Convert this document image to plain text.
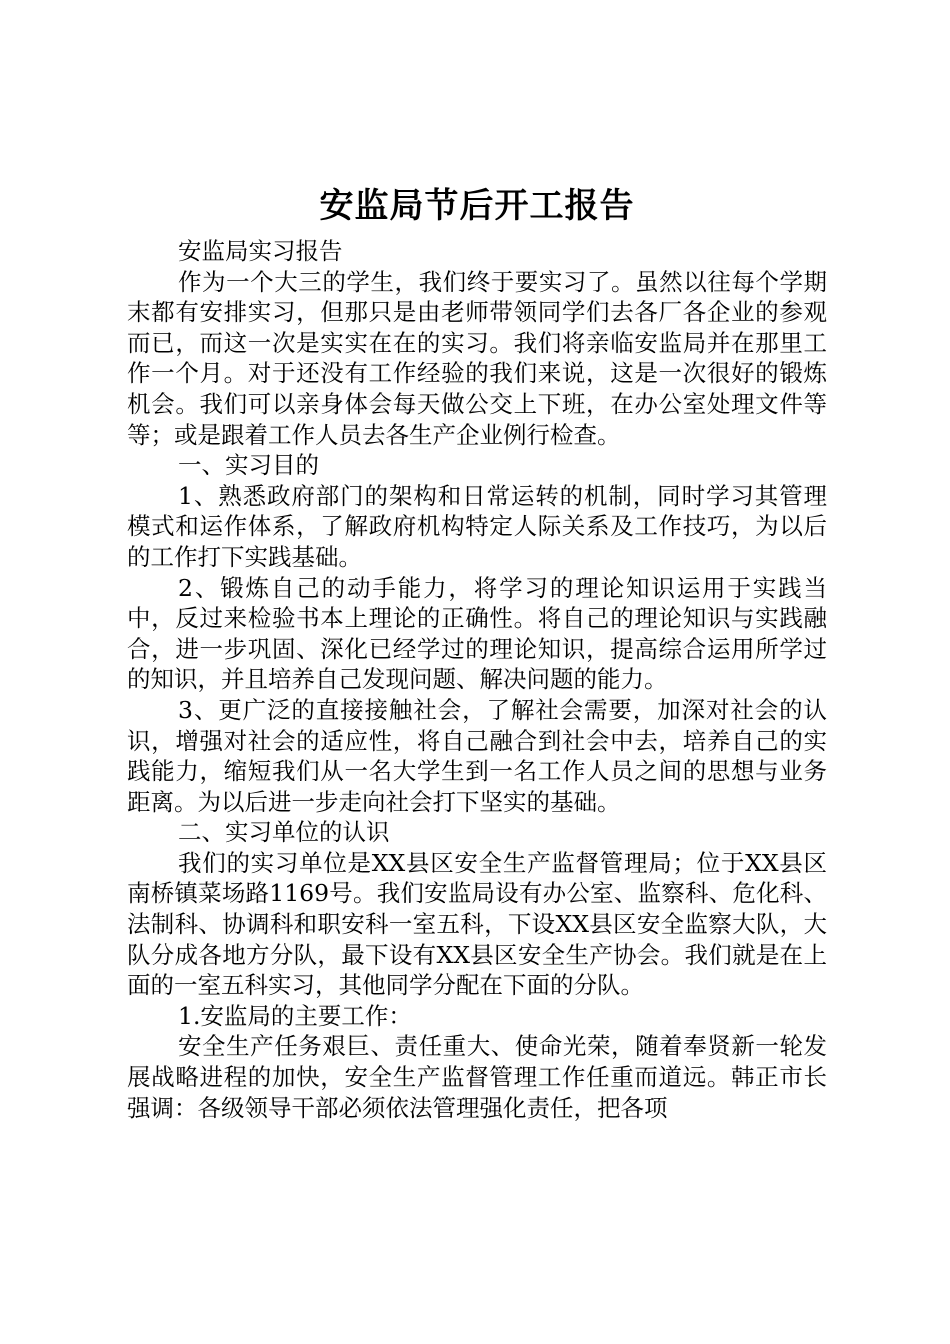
安监局节后开工报告

安监局实习报告

作为一个大三的学生，我们终于要实习了。虽然以往每个学期末都有安排实习，但那只是由老师带领同学们去各厂各企业的参观而已，而这一次是实实在在的实习。我们将亲临安监局并在那里工作一个月。对于还没有工作经验的我们来说，这是一次很好的锻炼机会。我们可以亲身体会每天做公交上下班，在办公室处理文件等等；或是跟着工作人员去各生产企业例行检查。

一、实习目的

1、熟悉政府部门的架构和日常运转的机制，同时学习其管理模式和运作体系，了解政府机构特定人际关系及工作技巧，为以后的工作打下实践基础。

2、锻炼自己的动手能力，将学习的理论知识运用于实践当中，反过来检验书本上理论的正确性。将自己的理论知识与实践融合，进一步巩固、深化已经学过的理论知识，提高综合运用所学过的知识，并且培养自己发现问题、解决问题的能力。

3、更广泛的直接接触社会，了解社会需要，加深对社会的认识，增强对社会的适应性，将自己融合到社会中去，培养自己的实践能力，缩短我们从一名大学生到一名工作人员之间的思想与业务距离。为以后进一步走向社会打下坚实的基础。

二、实习单位的认识

我们的实习单位是XX县区安全生产监督管理局；位于XX县区南桥镇菜场路1169号。我们安监局设有办公室、监察科、危化科、法制科、协调科和职安科一室五科，下设XX县区安全监察大队，大队分成各地方分队，最下设有XX县区安全生产协会。我们就是在上面的一室五科实习，其他同学分配在下面的分队。

1.安监局的主要工作：

安全生产任务艰巨、责任重大、使命光荣，随着奉贤新一轮发展战略进程的加快，安全生产监督管理工作任重而道远。韩正市长强调：各级领导干部必须依法管理强化责任，把各项
